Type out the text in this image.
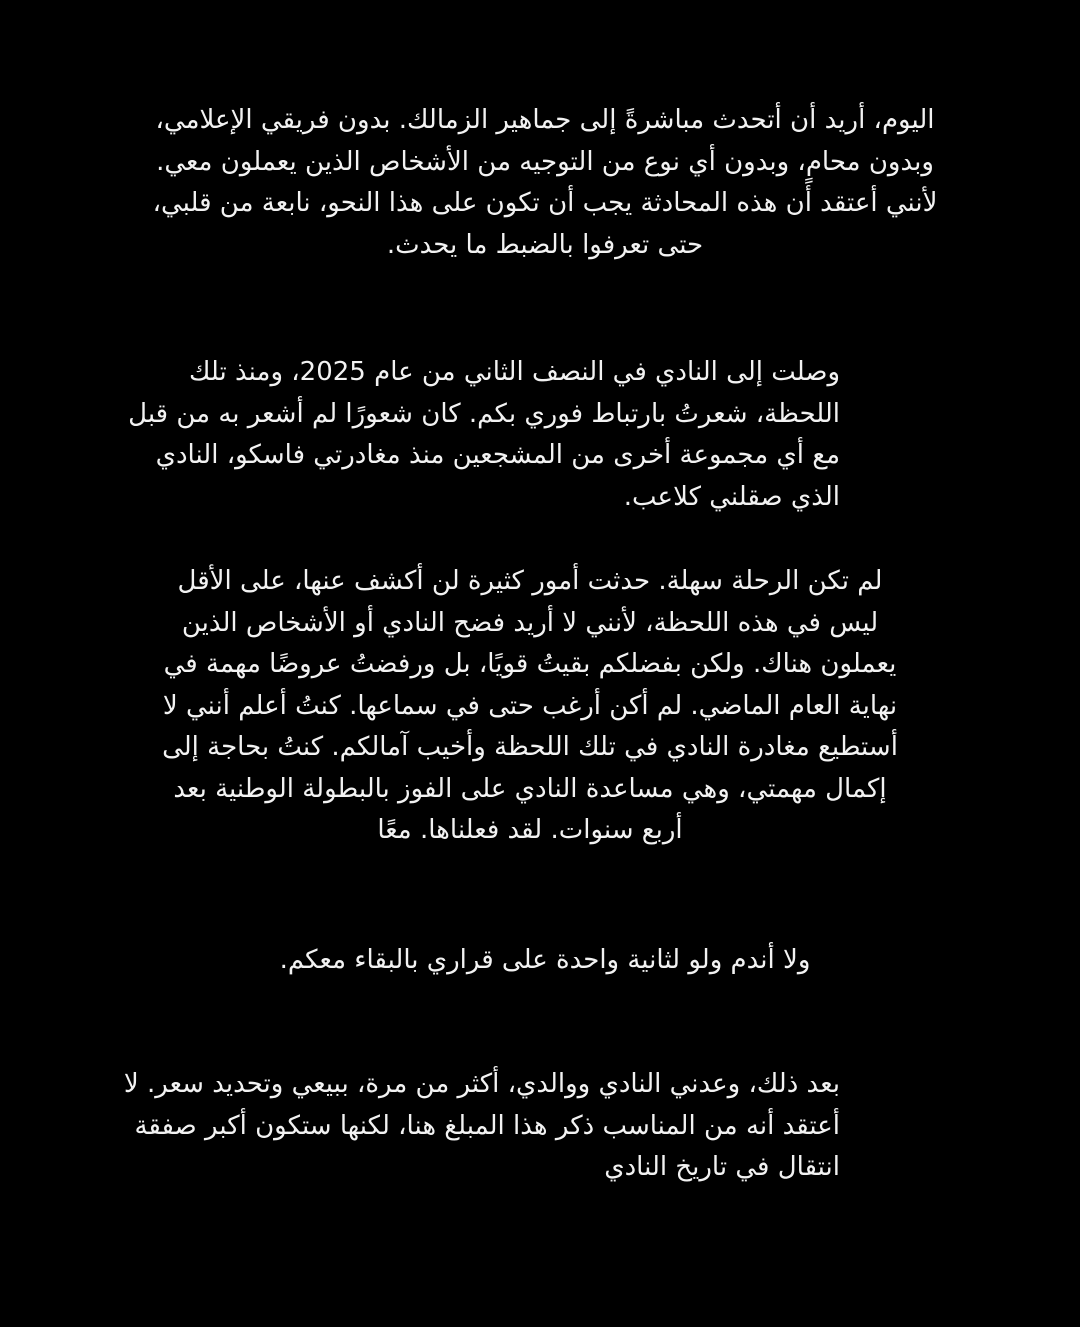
اليوم، أريد أن أتحدث مباشرةً إلى جماهير الزمالك. بدون فريقي الإعلامي، وبدون محامٍ، وبدون أي نوع من التوجيه من الأشخاص الذين يعملون معي. لأنني أعتقد أن هذه المحادثة يجب أن تكون على هذا النحو، نابعة من قلبي، حتى تعرفوا بالضبط ما يحدث.

وصلت إلى النادي في النصف الثاني من عام 2025، ومنذ تلك اللحظة، شعرتُ بارتباط فوري بكم. كان شعورًا لم أشعر به من قبل مع أي مجموعة أخرى من المشجعين منذ مغادرتي فاسكو، النادي الذي صقلني كلاعب.

لم تكن الرحلة سهلة. حدثت أمور كثيرة لن أكشف عنها، على الأقل ليس في هذه اللحظة، لأنني لا أريد فضح النادي أو الأشخاص الذين يعملون هناك. ولكن بفضلكم بقيتُ قويًا، بل ورفضتُ عروضًا مهمة في نهاية العام الماضي. لم أكن أرغب حتى في سماعها. كنتُ أعلم أنني لا أستطيع مغادرة النادي في تلك اللحظة وأخيب آمالكم. كنتُ بحاجة إلى إكمال مهمتي، وهي مساعدة النادي على الفوز بالبطولة الوطنية بعد أربع سنوات. لقد فعلناها. معًا

ولا أندم ولو لثانية واحدة على قراري بالبقاء معكم.

بعد ذلك، وعدني النادي ووالدي، أكثر من مرة، ببيعي وتحديد سعر. لا أعتقد أنه من المناسب ذكر هذا المبلغ هنا، لكنها ستكون أكبر صفقة انتقال في تاريخ النادي
